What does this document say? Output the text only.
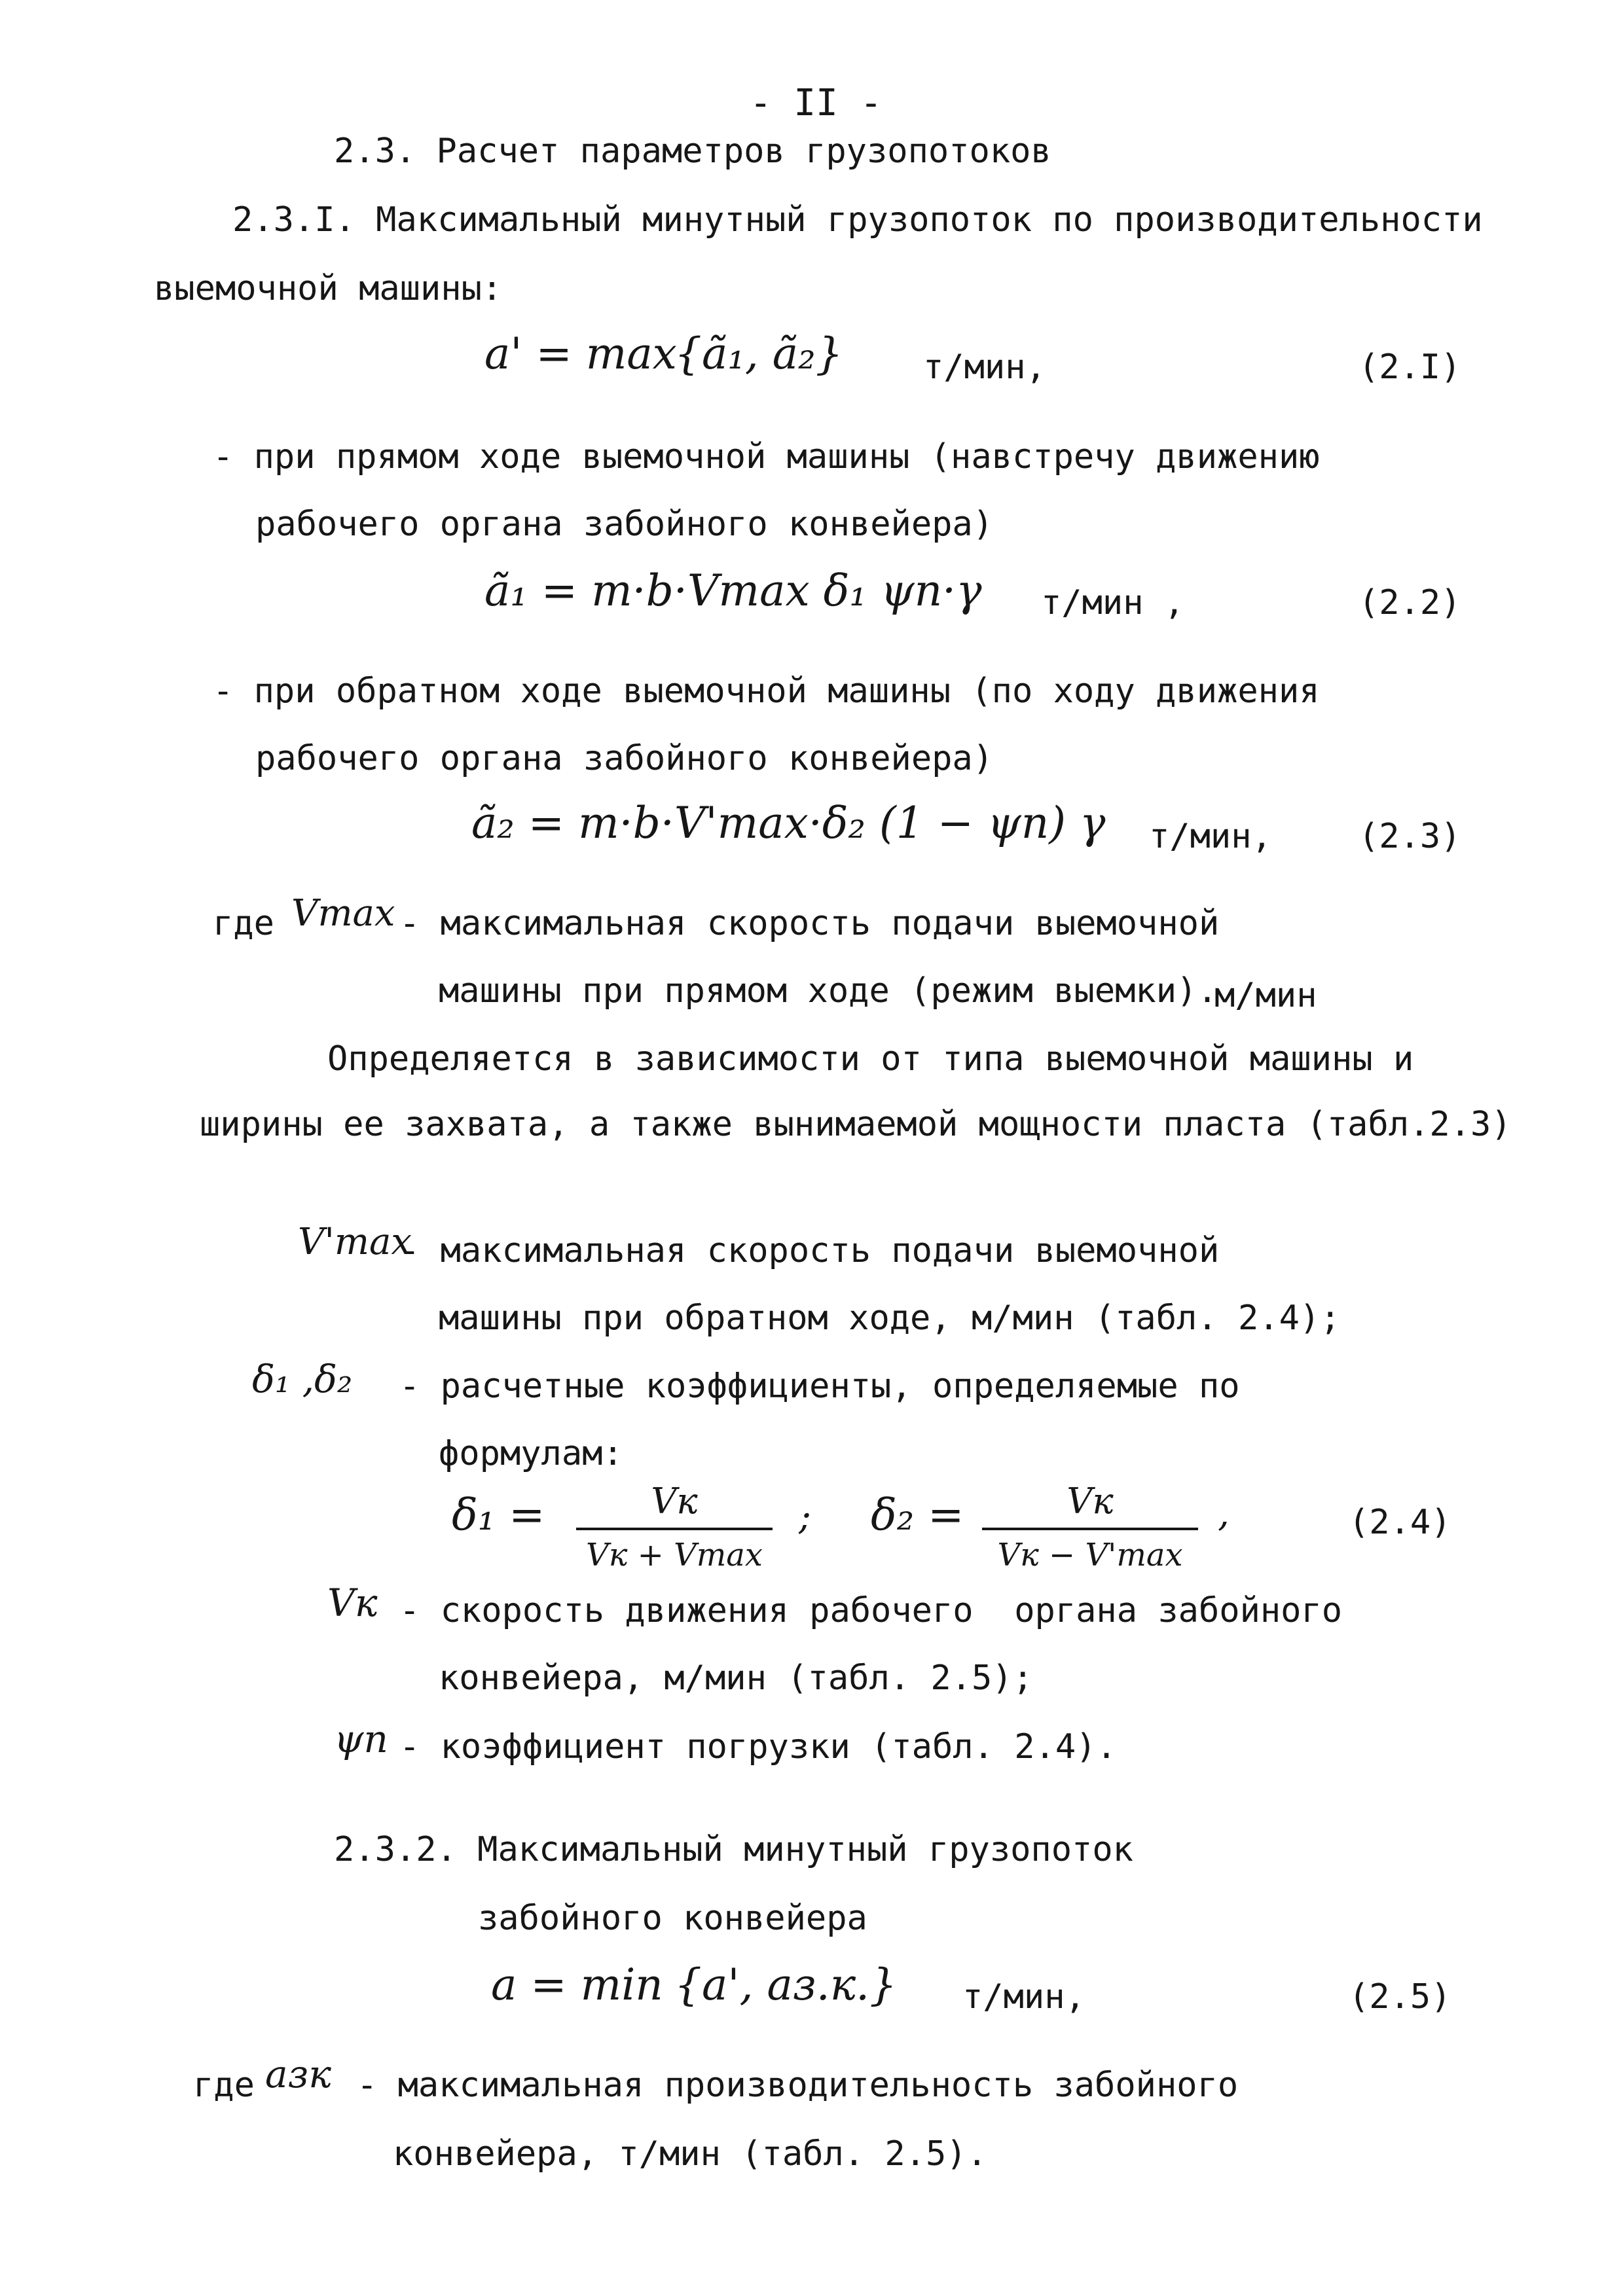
- II -
2.3. Расчет параметров грузопотоков
2.3.I. Максимальный минутный грузопоток по производительности
выемочной машины:
a' = max
{ã₁, ã₂} т/мин,	(2.I)
- при прямом ходе выемочной машины (навстречу движению
рабочего органа забойного конвейера)
ã₁ = m·b·Vmax δ₁ ψп·γ т/мин ,	(2.2)
- при обратном ходе выемочной машины (по ходу движения
рабочего органа забойного конвейера)
ã₂ = m·b·V'max·δ₂ (1 − ψп) γ т/мин,	(2.3)
где Vmax - максимальная скорость подачи выемочной
машины при прямом ходе (режим выемки).
м/мин
Определяется в зависимости от типа выемочной машины и
ширины ее захвата, а также вынимаемой мощности пласта (табл.2.3)
V'max
- максимальная скорость подачи выемочной
машины при обратном ходе, м/мин (табл. 2.4);
δ₁ ,δ₂ - расчетные коэффициенты, определяемые по
формулам:
δ₁ =	Vк
Vк + Vmax
; δ₂ =	Vк
Vк − V'max
,	(2.4)
Vк - скорость движения рабочего  органа забойного
конвейера, м/мин (табл. 2.5);
ψп - коэффициент погрузки (табл. 2.4).
2.3.2. Максимальный минутный грузопоток
забойного конвейера
a = min {a', aз.к.} т/мин,	(2.5)
где aзк - максимальная производительность забойного
конвейера, т/мин (табл. 2.5).
